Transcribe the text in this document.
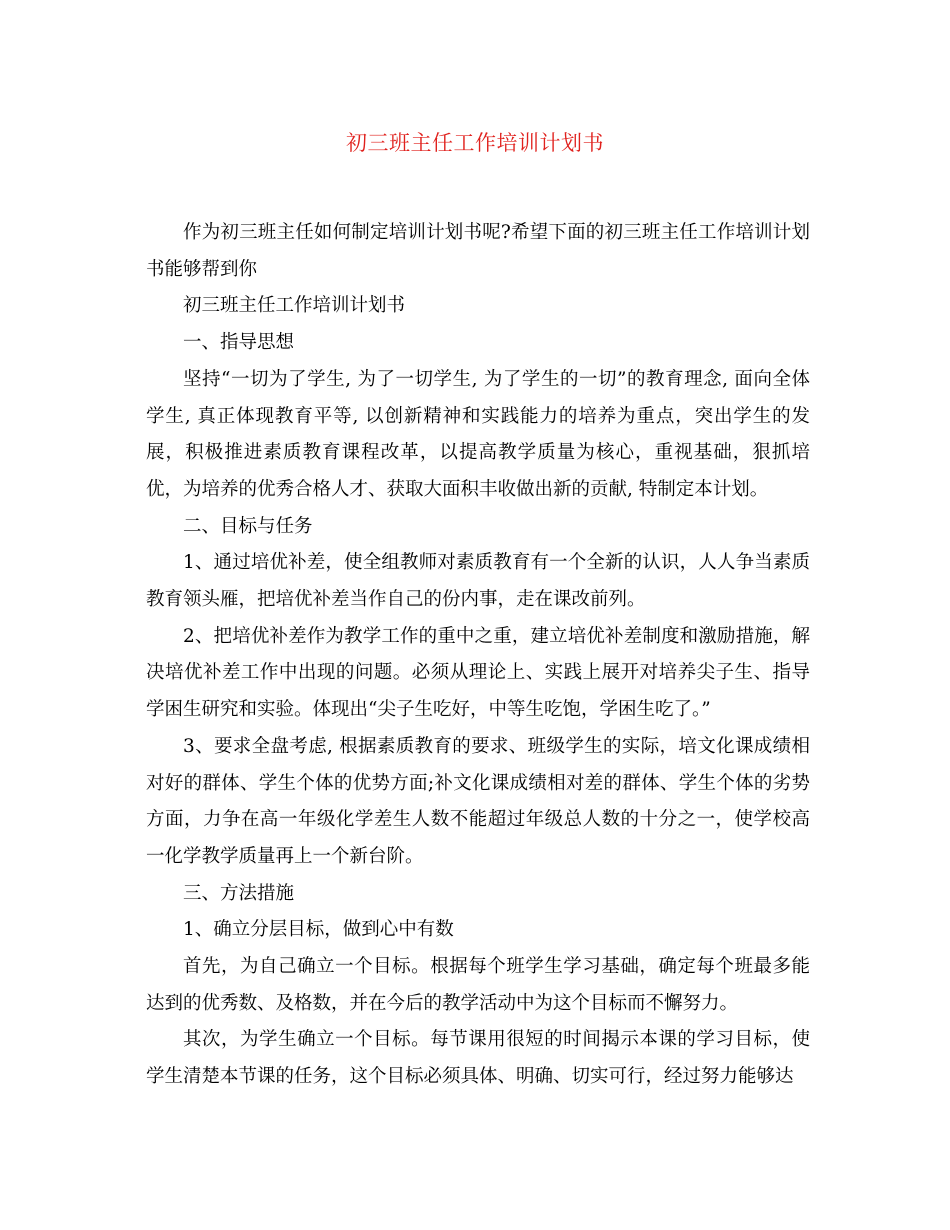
初三班主任工作培训计划书

作为初三班主任如何制定培训计划书呢?希望下面的初三班主任工作培训计划书能够帮到你

初三班主任工作培训计划书

一、指导思想

坚持“一切为了学生, 为了一切学生, 为了学生的一切”的教育理念, 面向全体学生, 真正体现教育平等, 以创新精神和实践能力的培养为重点，突出学生的发展，积极推进素质教育课程改革，以提高教学质量为核心，重视基础，狠抓培优，为培养的优秀合格人才、获取大面积丰收做出新的贡献, 特制定本计划。

二、目标与任务

1、通过培优补差，使全组教师对素质教育有一个全新的认识，人人争当素质教育领头雁，把培优补差当作自己的份内事，走在课改前列。

2、把培优补差作为教学工作的重中之重，建立培优补差制度和激励措施，解决培优补差工作中出现的问题。必须从理论上、实践上展开对培养尖子生、指导学困生研究和实验。体现出“尖子生吃好，中等生吃饱，学困生吃了。”

3、要求全盘考虑, 根据素质教育的要求、班级学生的实际，培文化课成绩相对好的群体、学生个体的优势方面;补文化课成绩相对差的群体、学生个体的劣势方面，力争在高一年级化学差生人数不能超过年级总人数的十分之一，使学校高一化学教学质量再上一个新台阶。

三、方法措施

1、确立分层目标，做到心中有数

首先，为自己确立一个目标。根据每个班学生学习基础，确定每个班最多能达到的优秀数、及格数，并在今后的教学活动中为这个目标而不懈努力。

其次，为学生确立一个目标。每节课用很短的时间揭示本课的学习目标，使学生清楚本节课的任务，这个目标必须具体、明确、切实可行，经过努力能够达
